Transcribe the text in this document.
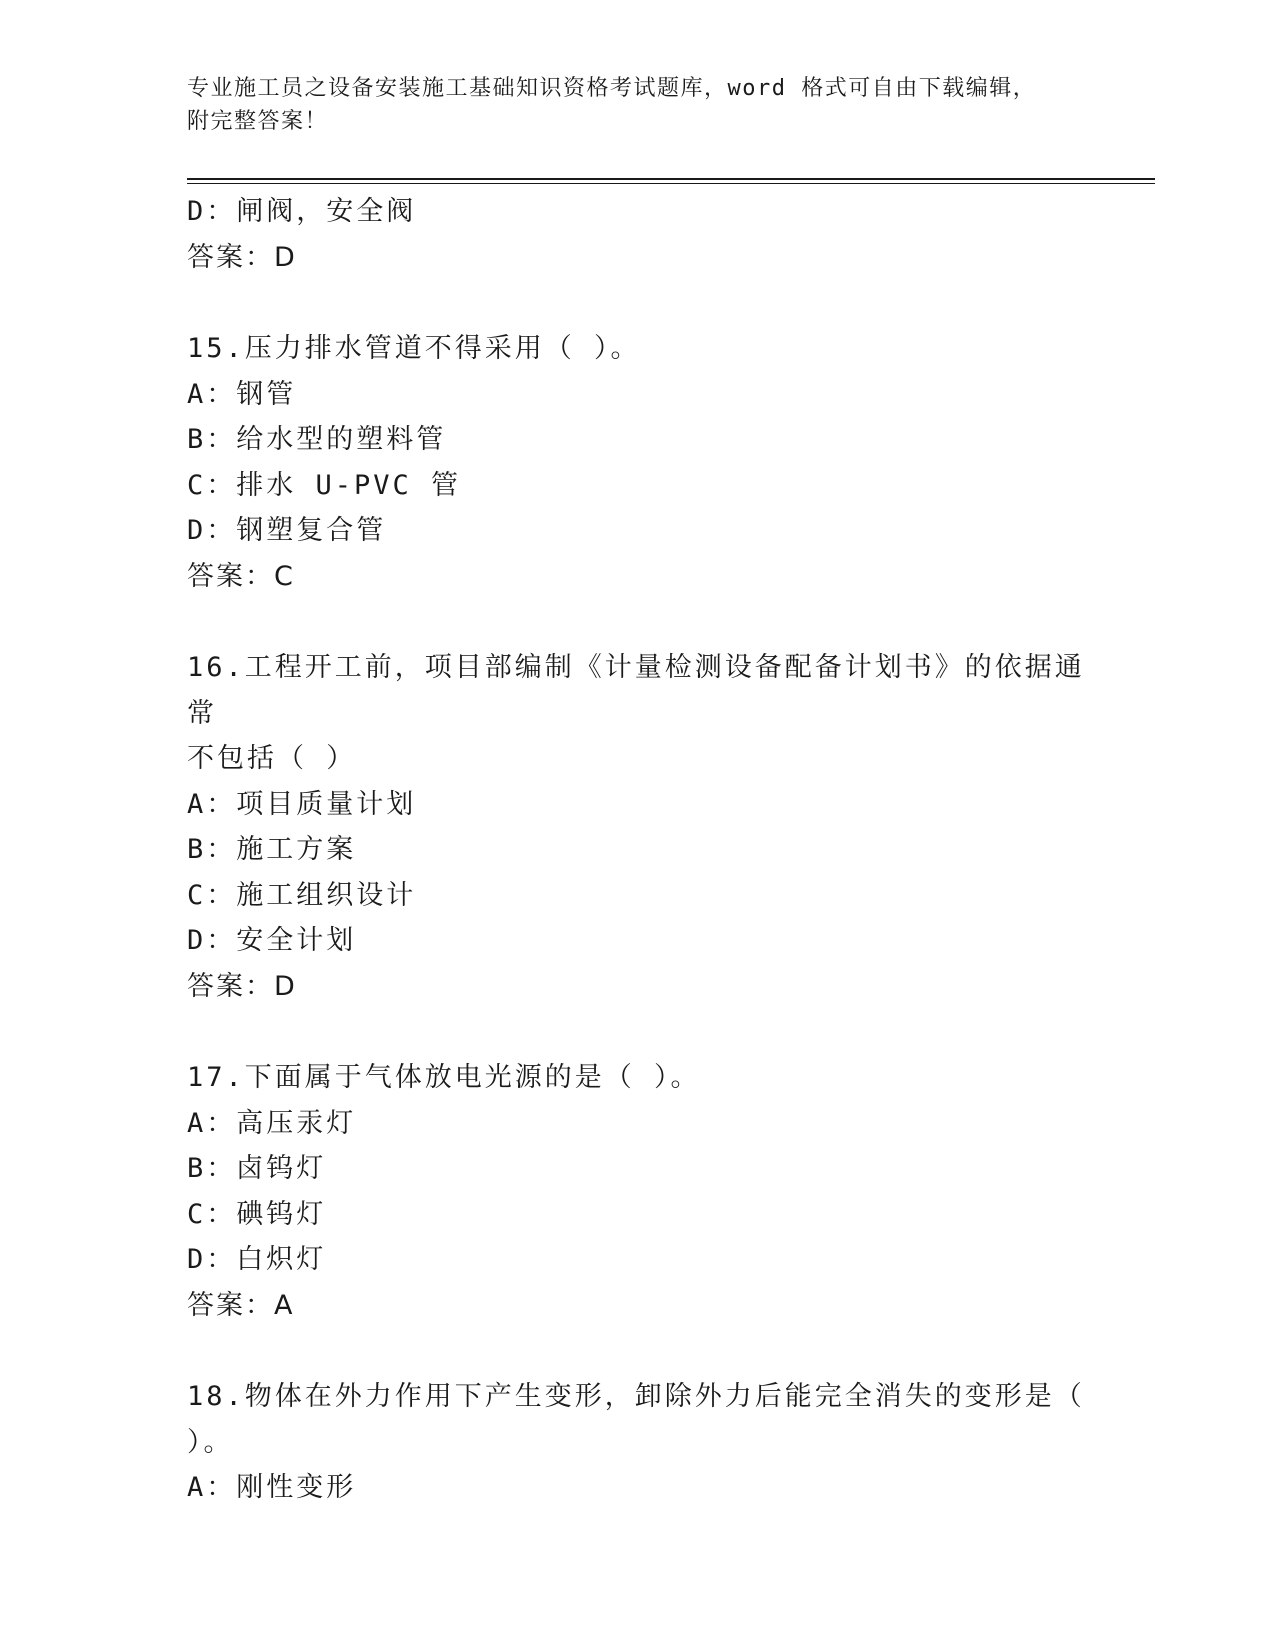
专业施工员之设备安装施工基础知识资格考试题库，word 格式可自由下载编辑，
附完整答案！
D：闸阀，安全阀
答案：D
15.压力排水管道不得采用（ ）。
A：钢管
B：给水型的塑料管
C：排水 U-PVC 管
D：钢塑复合管
答案：C
16.工程开工前，项目部编制《计量检测设备配备计划书》的依据通常
不包括（ ）
A：项目质量计划
B：施工方案
C：施工组织设计
D：安全计划
答案：D
17.下面属于气体放电光源的是（ ）。
A：高压汞灯
B：卤钨灯
C：碘钨灯
D：白炽灯
答案：A
18.物体在外力作用下产生变形，卸除外力后能完全消失的变形是（
）。
A：刚性变形
